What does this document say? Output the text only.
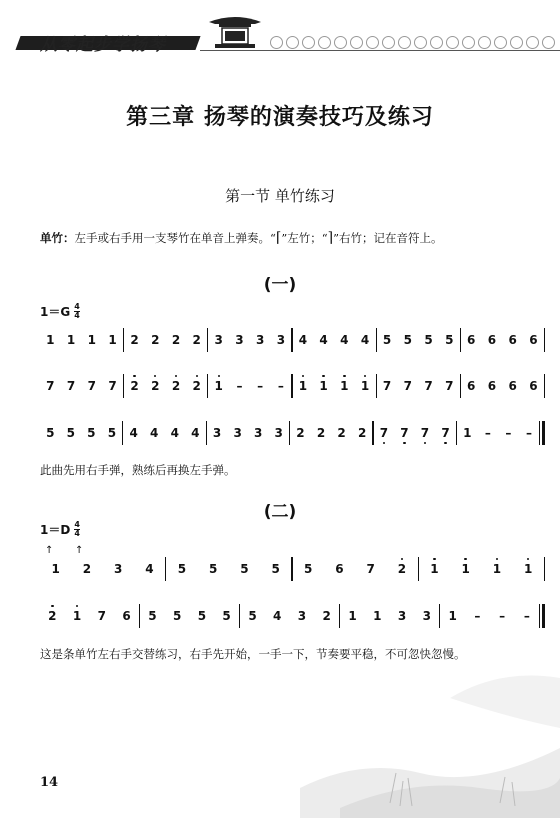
从零起步学扬琴
第三章 扬琴的演奏技巧及练习
第一节 单竹练习
单竹：左手或右手用一支琴竹在单音上弹奏。“⌈”左竹；“⌉”右竹；记在音符上。
(一)
$1=G \frac{4}{4}$
1 1 1 1 2 2 2 2 3 3 3 3 4 4 4 4 5 5 5 5 6 6 6 6
7 7 7 7 2 2 2 2 1 – – – 1 1 1 1 7 7 7 7 6 6 6 6
5 5 5 5 4 4 4 4 3 3 3 3 2 2 2 2 7 7 7 7 1 – – –
此曲先用右手弹，熟练后再换左手弹。
(二)
$1=D \frac{4}{4}$
↑ ↑
1 2 3 4 5 5 5 5 5 6 7 2 1 1 1 1
2 1 7 6 5 5 5 5 5 4 3 2 1 1 3 3 1 – – –
这是条单竹左右手交替练习，右手先开始，一手一下，节奏要平稳，不可忽快忽慢。
14
